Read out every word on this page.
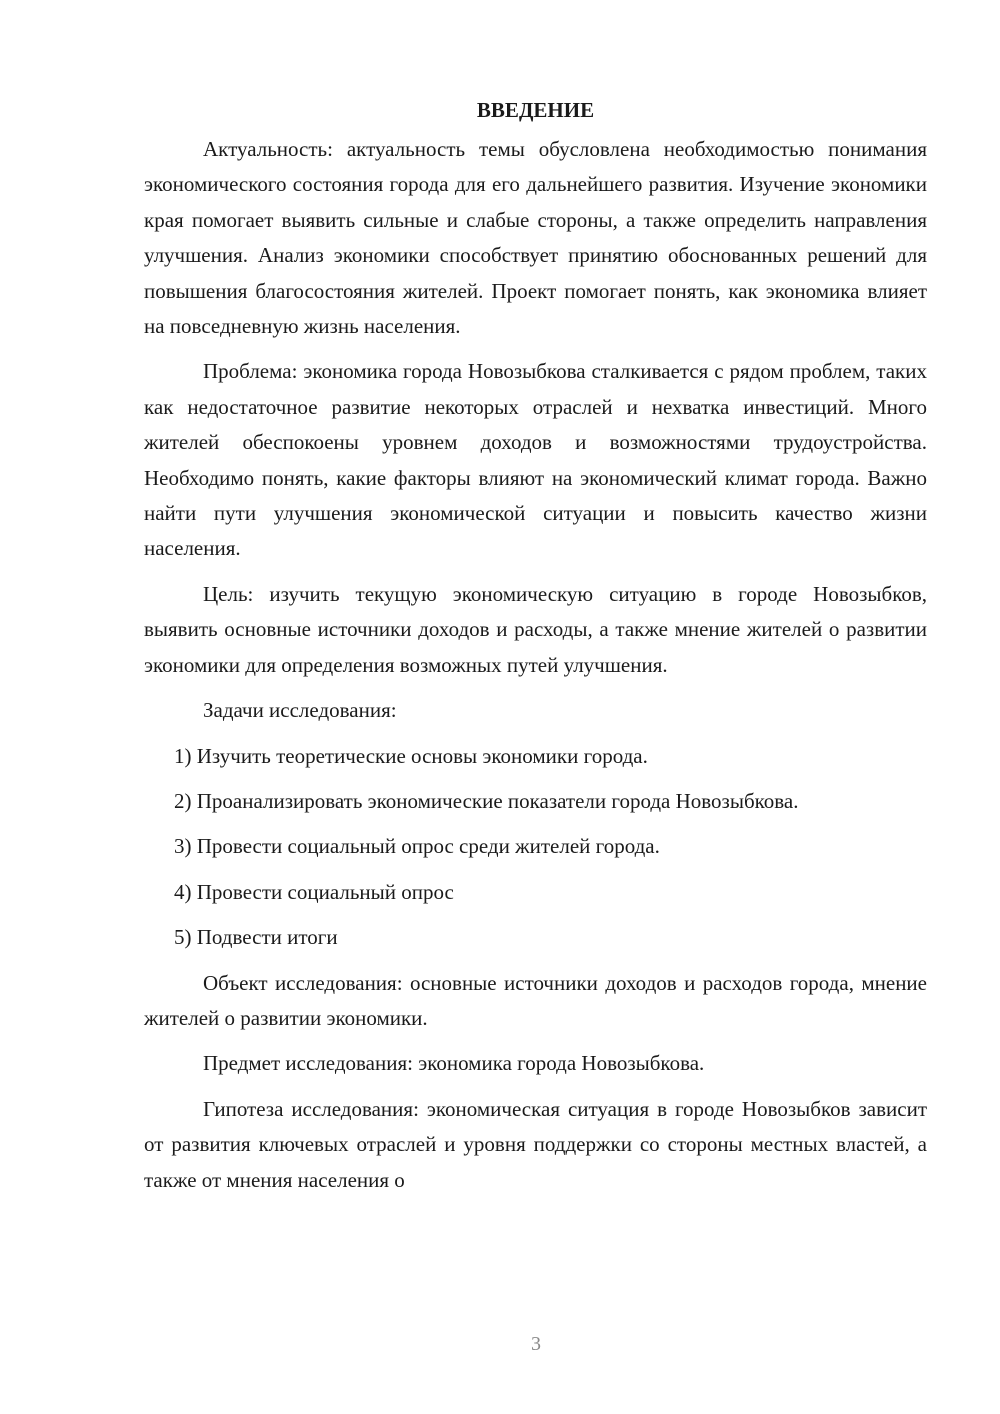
ВВЕДЕНИЕ

Актуальность: актуальность темы обусловлена необходимостью понимания экономического состояния города для его дальнейшего развития. Изучение экономики края помогает выявить сильные и слабые стороны, а также определить направления улучшения. Анализ экономики способствует принятию обоснованных решений для повышения благосостояния жителей. Проект помогает понять, как экономика влияет на повседневную жизнь населения.

Проблема: экономика города Новозыбкова сталкивается с рядом проблем, таких как недостаточное развитие некоторых отраслей и нехватка инвестиций. Много жителей обеспокоены уровнем доходов и возможностями трудоустройства. Необходимо понять, какие факторы влияют на экономический климат города. Важно найти пути улучшения экономической ситуации и повысить качество жизни населения.

Цель: изучить текущую экономическую ситуацию в городе Новозыбков, выявить основные источники доходов и расходы, а также мнение жителей о развитии экономики для определения возможных путей улучшения.

Задачи исследования:

1) Изучить теоретические основы экономики города.

2) Проанализировать экономические показатели города Новозыбкова.

3) Провести социальный опрос среди жителей города.

4) Провести социальный опрос

5) Подвести итоги

Объект исследования: основные источники доходов и расходов города, мнение жителей о развитии экономики.

Предмет исследования: экономика города Новозыбкова.

Гипотеза исследования: экономическая ситуация в городе Новозыбков зависит от развития ключевых отраслей и уровня поддержки со стороны местных властей, а также от мнения населения о

3
